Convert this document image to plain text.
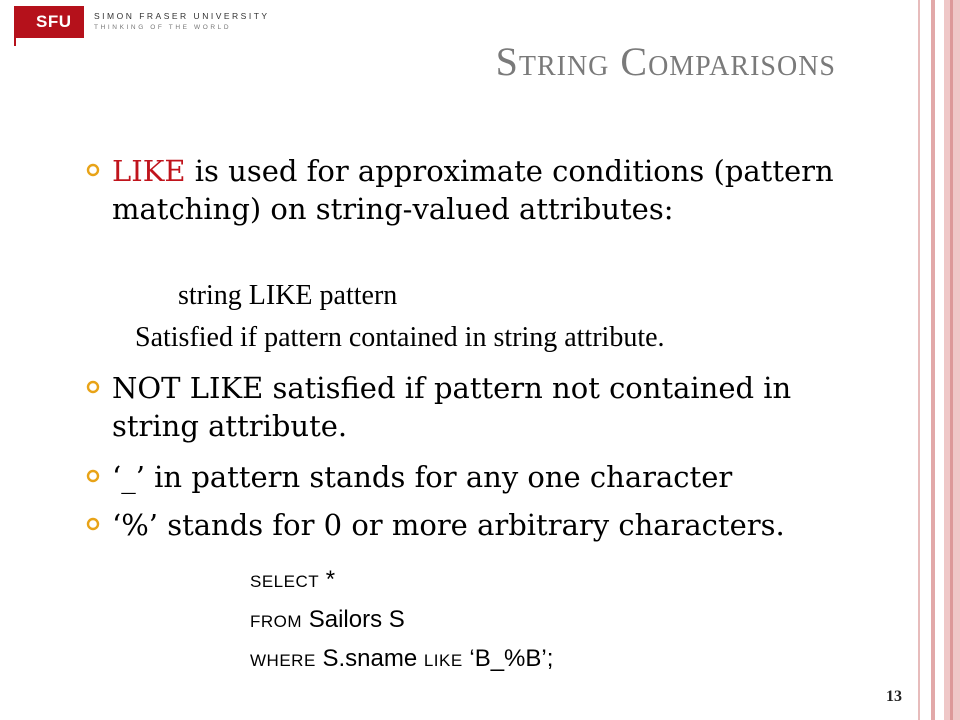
SFU	SIMON FRASER UNIVERSITY
THINKING OF THE WORLD
String Comparisons
LIKE is used for approximate conditions (pattern matching) on string-valued attributes:
string LIKE pattern
Satisfied if pattern contained in string attribute.
NOT LIKE satisfied if pattern not contained in string attribute.
‘_’ in pattern stands for any one character
‘%’ stands for 0 or more arbitrary characters.
SELECT *
FROM Sailors S
WHERE S.sname LIKE ‘B_%B’;
13
